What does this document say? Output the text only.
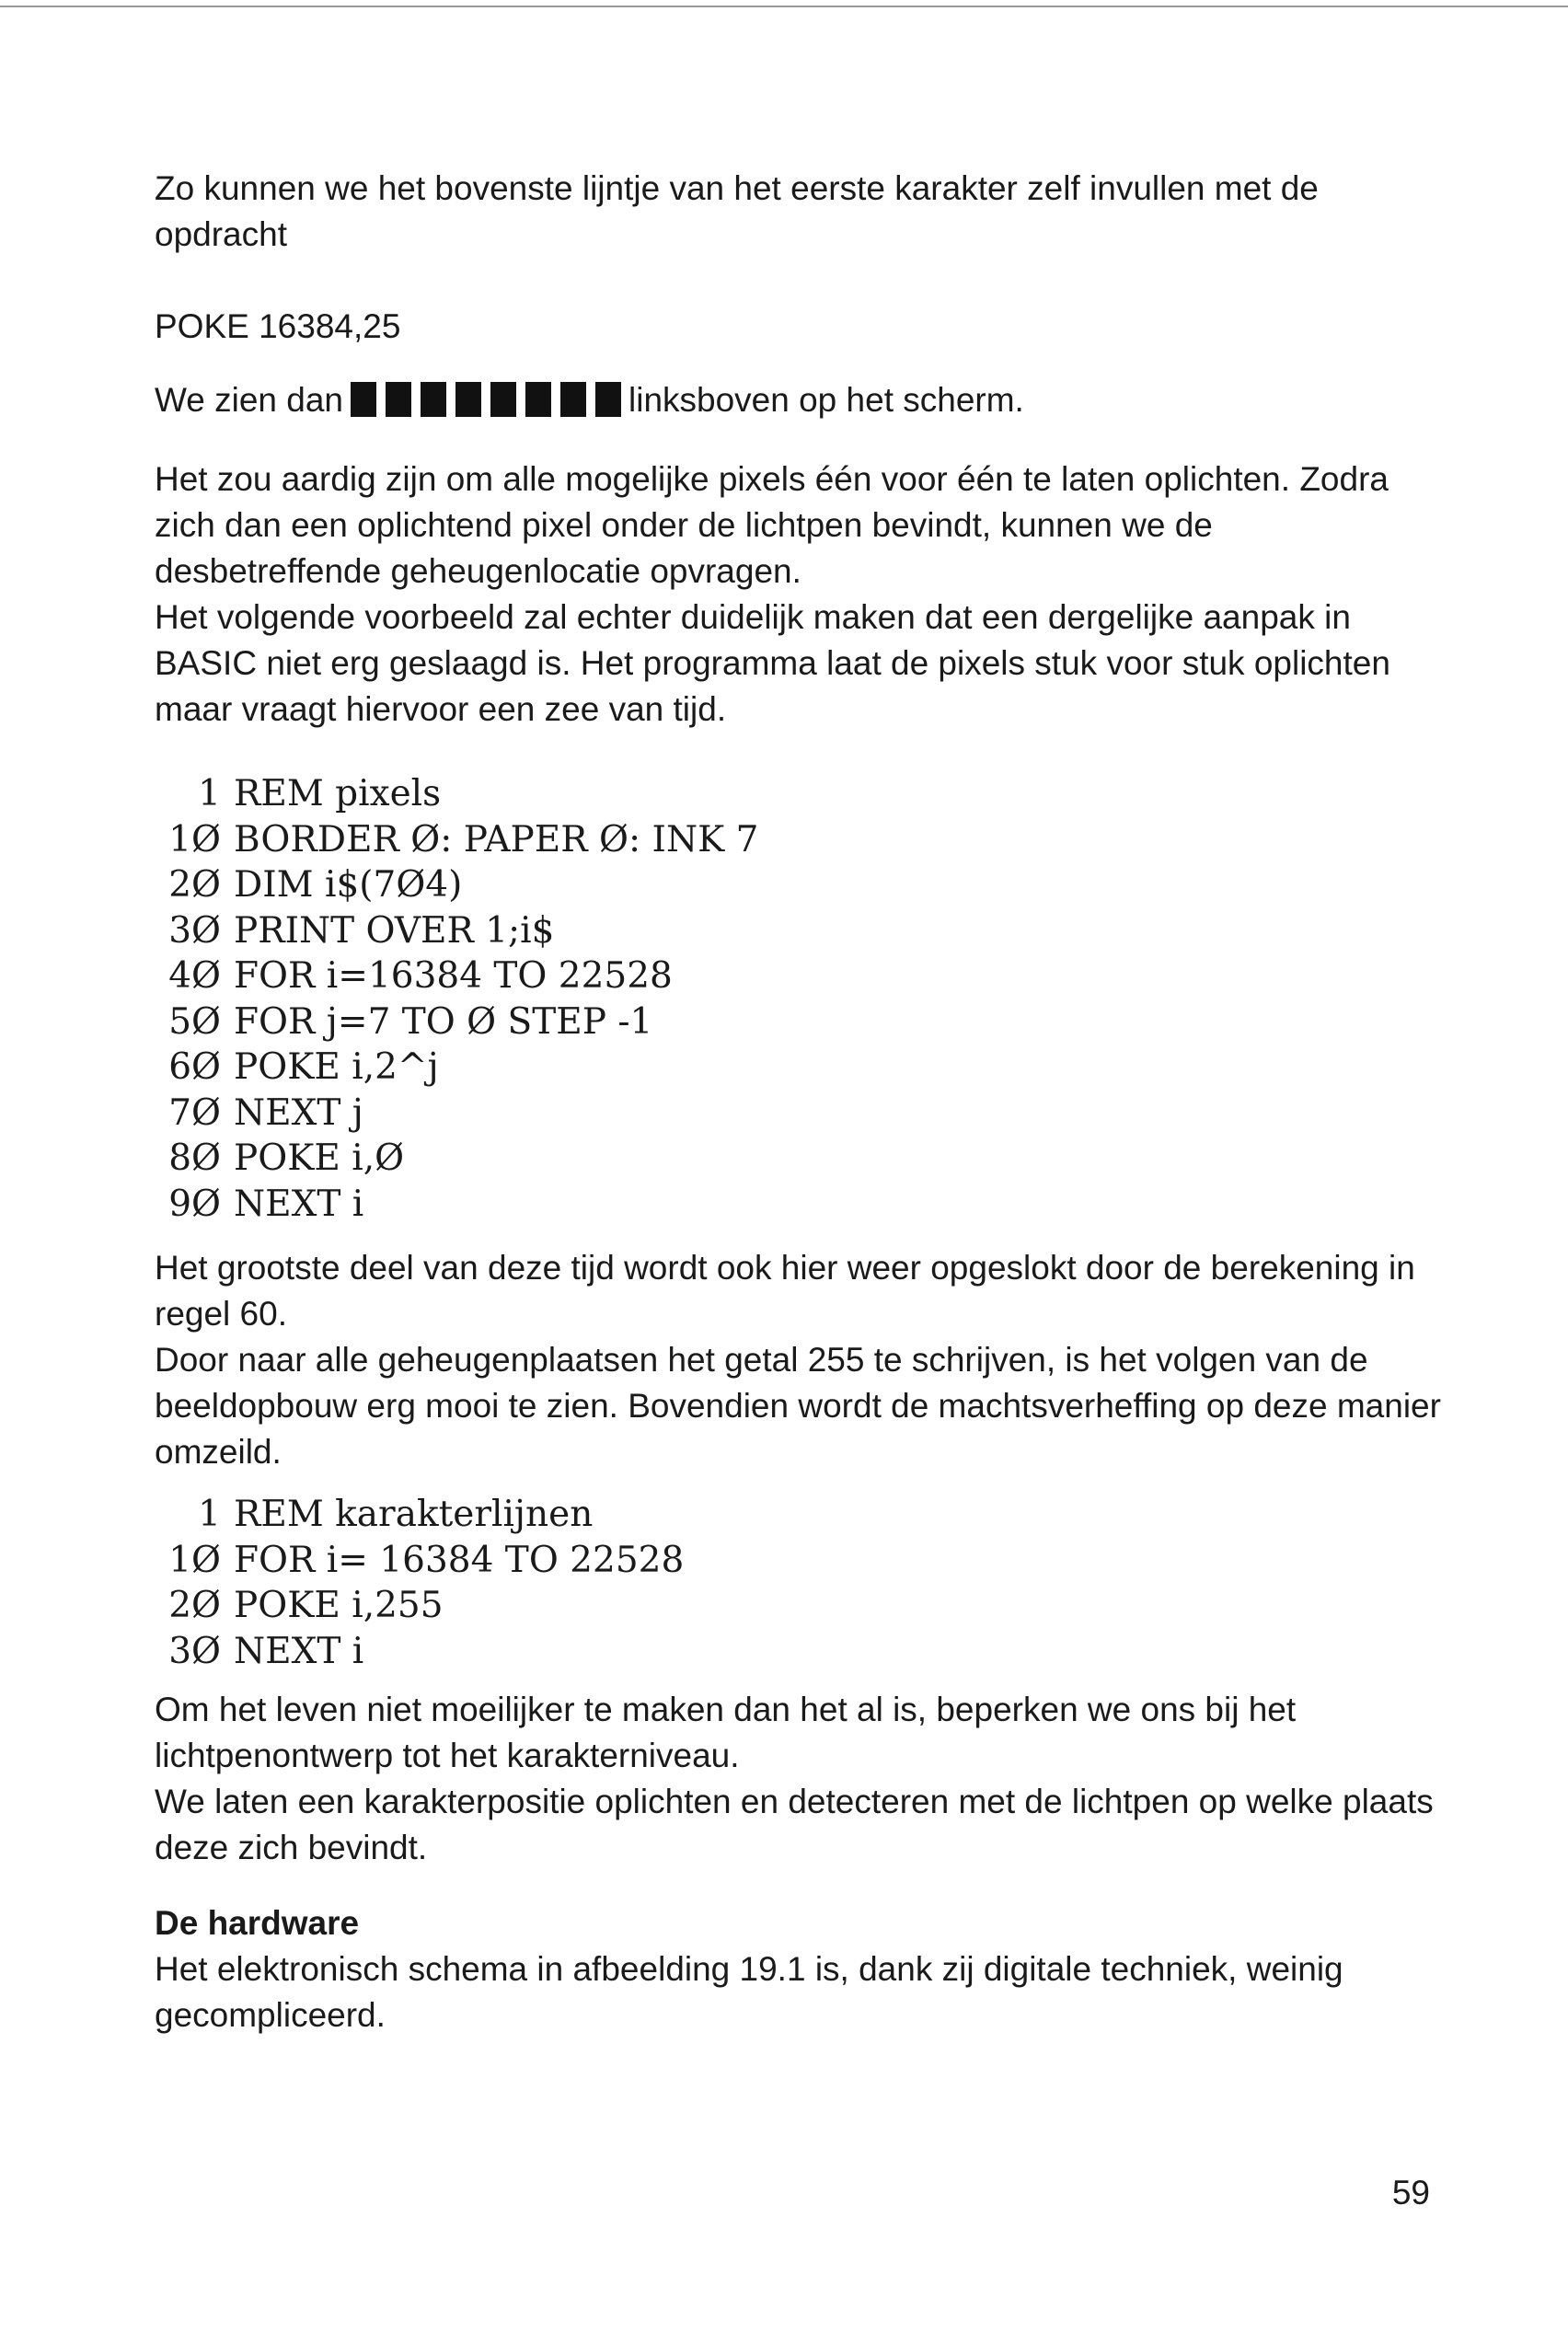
Zo kunnen we het bovenste lijntje van het eerste karakter zelf invullen met de opdracht

POKE 16384,25

We zien dan	linksboven op het scherm.

Het zou aardig zijn om alle mogelijke pixels één voor één te laten oplichten. Zodra zich dan een oplichtend pixel onder de lichtpen bevindt, kunnen we de desbetreffende geheugenlocatie opvragen.

Het volgende voorbeeld zal echter duidelijk maken dat een dergelijke aanpak in BASIC niet erg geslaagd is. Het programma laat de pixels stuk voor stuk oplichten maar vraagt hiervoor een zee van tijd.

1 REM pixels
1Ø BORDER Ø: PAPER Ø: INK 7
2Ø DIM i$(7Ø4)
3Ø PRINT OVER 1;i$
4Ø FOR i=16384 TO 22528
5Ø FOR j=7 TO Ø STEP -1
6Ø POKE i,2^j
7Ø NEXT j
8Ø POKE i,Ø
9Ø NEXT i

Het grootste deel van deze tijd wordt ook hier weer opgeslokt door de berekening in regel 60.

Door naar alle geheugenplaatsen het getal 255 te schrijven, is het volgen van de beeldopbouw erg mooi te zien. Bovendien wordt de machtsverheffing op deze manier omzeild.

1 REM karakterlijnen
1Ø FOR i= 16384 TO 22528
2Ø POKE i,255
3Ø NEXT i

Om het leven niet moeilijker te maken dan het al is, beperken we ons bij het lichtpenontwerp tot het karakterniveau.

We laten een karakterpositie oplichten en detecteren met de lichtpen op welke plaats deze zich bevindt.

De hardware

Het elektronisch schema in afbeelding 19.1 is, dank zij digitale techniek, weinig gecompliceerd.

59
